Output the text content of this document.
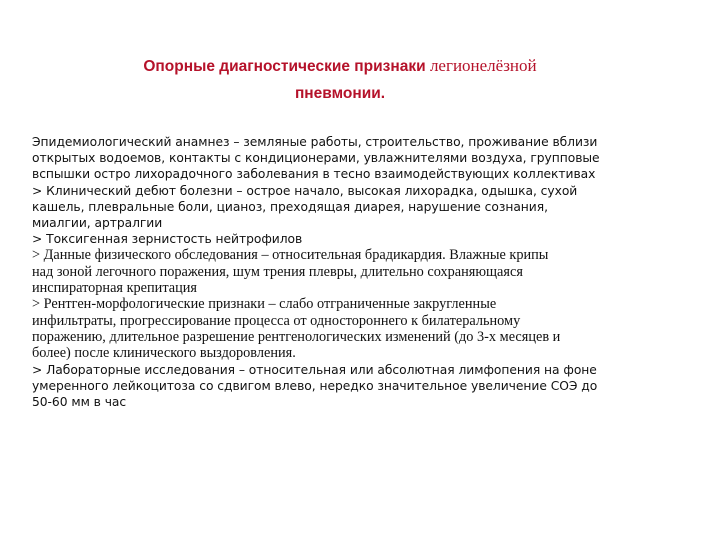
Опорные диагностические признаки легионелёзной
пневмонии.
Эпидемиологический анамнез – земляные работы, строительство, проживание вблизи
открытых водоемов, контакты с кондиционерами, увлажнителями воздуха, групповые
вспышки остро лихорадочного заболевания в тесно взаимодействующих коллективах
> Клинический дебют болезни – острое начало, высокая лихорадка, одышка, сухой
кашель, плевральные боли, цианоз, преходящая диарея, нарушение сознания,
миалгии, артралгии
> Токсигенная зернистость нейтрофилов
> Данные физического обследования – относительная брадикардия. Влажные крипы
над зоной легочного поражения, шум трения плевры, длительно сохраняющаяся
инспираторная крепитация
> Рентген-морфологические признаки – слабо отграниченные закругленные
инфильтраты, прогрессирование процесса от одностороннего к билатеральному
поражению, длительное разрешение рентгенологических изменений (до 3-х месяцев и
более) после клинического выздоровления.
> Лабораторные исследования – относительная или абсолютная лимфопения на фоне
умеренного лейкоцитоза со сдвигом влево, нередко значительное увеличение СОЭ до
50-60 мм в час
